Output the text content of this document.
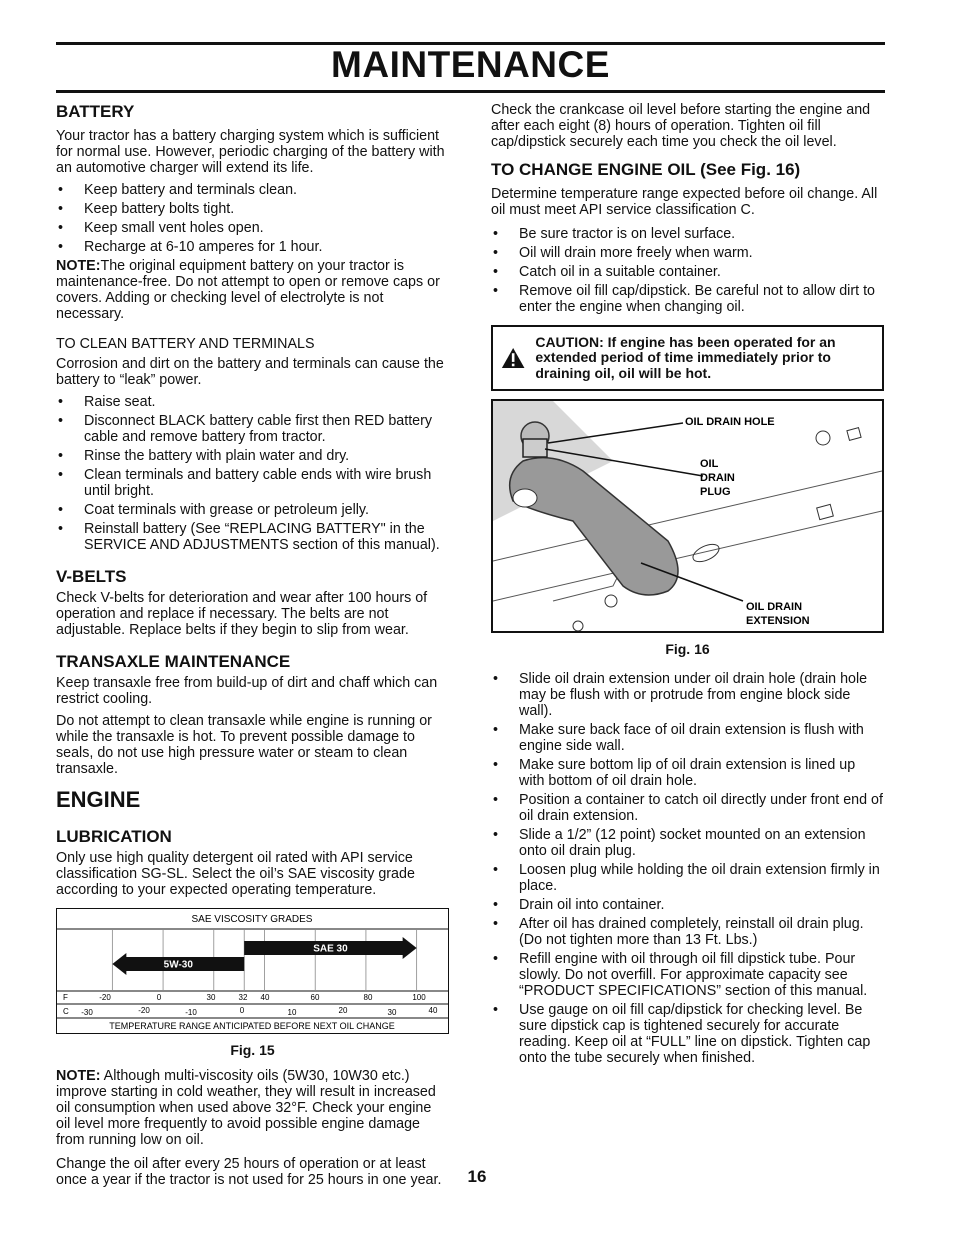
MAINTENANCE
BATTERY

Your tractor has a battery charging system which is sufficient for normal use. However, periodic charging of the battery with an automotive charger will extend its life.

• Keep battery and terminals clean.
• Keep battery bolts tight.
• Keep small vent holes open.
• Recharge at 6-10 amperes for 1 hour.

NOTE:The original equipment battery on your tractor is maintenance-free. Do not attempt to open or remove caps or covers. Adding or checking level of electrolyte is not necessary.

TO CLEAN BATTERY AND TERMINALS

Corrosion and dirt on the battery and terminals can cause the battery to “leak” power.

• Raise seat.
• Disconnect BLACK battery cable first then RED battery cable and remove battery from tractor.
• Rinse the battery with plain water and dry.
• Clean terminals and battery cable ends with wire brush until bright.
• Coat terminals with grease or petroleum jelly.
• Reinstall battery (See “REPLACING BATTERY" in the SERVICE AND ADJUSTMENTS section of this manual).
V-BELTS

Check V-belts for deterioration and wear after 100 hours of operation and replace if necessary. The belts are not adjustable. Replace belts if they begin to slip from wear.

TRANSAXLE MAINTENANCE

Keep transaxle free from build-up of dirt and chaff which can restrict cooling.

Do not attempt to clean transaxle while engine is running or while the transaxle is hot. To prevent possible damage to seals, do not use high pressure water or steam to clean transaxle.

ENGINE
LUBRICATION

Only use high quality detergent oil rated with API service classification SG-SL. Select the oil’s SAE viscosity grade according to your expected operating temperature.

5W-30
SAE 30
-20	0	30	32 40	60	80	100
-30	-20	-10	0	10	20	30	40
SAE VISCOSITY GRADES
TEMPERATURE RANGE ANTICIPATED BEFORE NEXT OIL CHANGE
F
C
Fig. 15

NOTE: Although multi-viscosity oils (5W30, 10W30 etc.) improve starting in cold weather, they will result in increased oil consumption when used above 32°F. Check your engine oil level more frequently to avoid possible engine damage from running low on oil.

Change the oil after every 25 hours of operation or at least once a year if the tractor is not used for 25 hours in one year.

Check the crankcase oil level before starting the engine and after each eight (8) hours of operation. Tighten oil fill cap/dipstick securely each time you check the oil level.

TO CHANGE ENGINE OIL (See Fig. 16)

Determine temperature range expected before oil change. All oil must meet API service classification C.

• Be sure tractor is on level surface.
• Oil will drain more freely when warm.
• Catch oil in a suitable container.
• Remove oil fill cap/dipstick. Be careful not to allow dirt to enter the engine when changing oil.
CAUTION: If engine has been operated for an extended period of time immediately prior to draining oil, oil will be hot.
OIL DRAIN HOLE
OIL DRAIN PLUG
OIL DRAIN EXTENSION
Fig. 16
• Slide oil drain extension under oil drain hole (drain hole may be flush with or protrude from engine block side wall).
• Make sure back face of oil drain extension is flush with engine side wall.
• Make sure bottom lip of oil drain extension is lined up with bottom of oil drain hole.
• Position a container to catch oil directly under front end of oil drain extension.
• Slide a 1/2” (12 point) socket mounted on an extension onto oil drain plug.
• Loosen plug while holding the oil drain extension firmly in place.
• Drain oil into container.
• After oil has drained completely, reinstall oil drain plug. (Do not tighten more than 13 Ft. Lbs.)
• Refill engine with oil through oil fill dipstick tube. Pour slowly. Do not overfill. For approximate capacity see “PRODUCT SPECIFICATIONS” section of this manual.
• Use gauge on oil fill cap/dipstick for checking level. Be sure dipstick cap is tightened securely for accurate reading. Keep oil at “FULL” line on dipstick. Tighten cap onto the tube securely when finished.
16
